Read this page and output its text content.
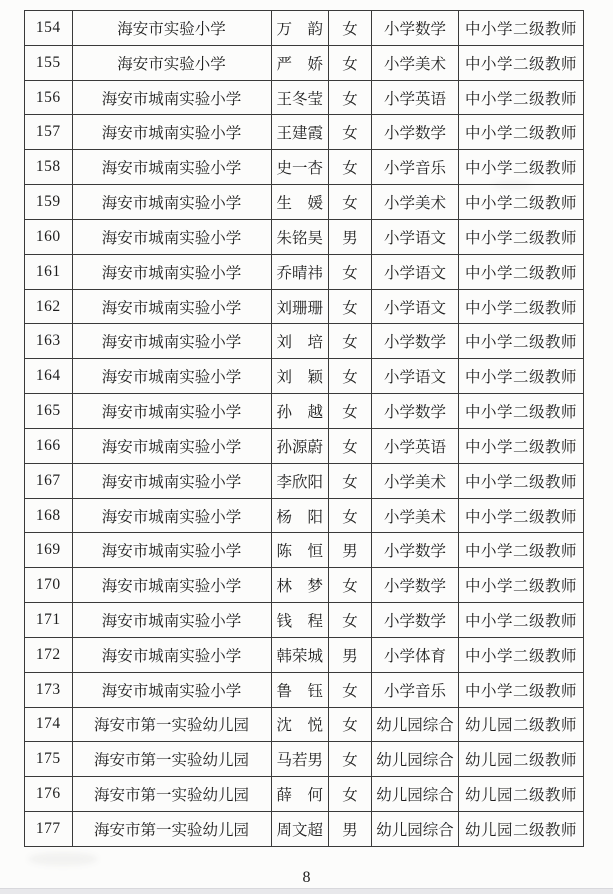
154	海安市实验小学	万　韵	女	小学数学	中小学二级教师
155	海安市实验小学	严　娇	女	小学美术	中小学二级教师
156	海安市城南实验小学	王冬莹	女	小学英语	中小学二级教师
157	海安市城南实验小学	王建霞	女	小学数学	中小学二级教师
158	海安市城南实验小学	史一杏	女	小学音乐	中小学二级教师
159	海安市城南实验小学	生　媛	女	小学美术	中小学二级教师
160	海安市城南实验小学	朱铭昊	男	小学语文	中小学二级教师
161	海安市城南实验小学	乔晴祎	女	小学语文	中小学二级教师
162	海安市城南实验小学	刘珊珊	女	小学语文	中小学二级教师
163	海安市城南实验小学	刘　培	女	小学数学	中小学二级教师
164	海安市城南实验小学	刘　颖	女	小学语文	中小学二级教师
165	海安市城南实验小学	孙　越	女	小学数学	中小学二级教师
166	海安市城南实验小学	孙源蔚	女	小学英语	中小学二级教师
167	海安市城南实验小学	李欣阳	女	小学美术	中小学二级教师
168	海安市城南实验小学	杨　阳	女	小学美术	中小学二级教师
169	海安市城南实验小学	陈　恒	男	小学数学	中小学二级教师
170	海安市城南实验小学	林　梦	女	小学数学	中小学二级教师
171	海安市城南实验小学	钱　程	女	小学数学	中小学二级教师
172	海安市城南实验小学	韩荣城	男	小学体育	中小学二级教师
173	海安市城南实验小学	鲁　钰	女	小学音乐	中小学二级教师
174	海安市第一实验幼儿园	沈　悦	女	幼儿园综合	幼儿园二级教师
175	海安市第一实验幼儿园	马若男	女	幼儿园综合	幼儿园二级教师
176	海安市第一实验幼儿园	薛　何	女	幼儿园综合	幼儿园二级教师
177	海安市第一实验幼儿园	周文超	男	幼儿园综合	幼儿园二级教师
8
